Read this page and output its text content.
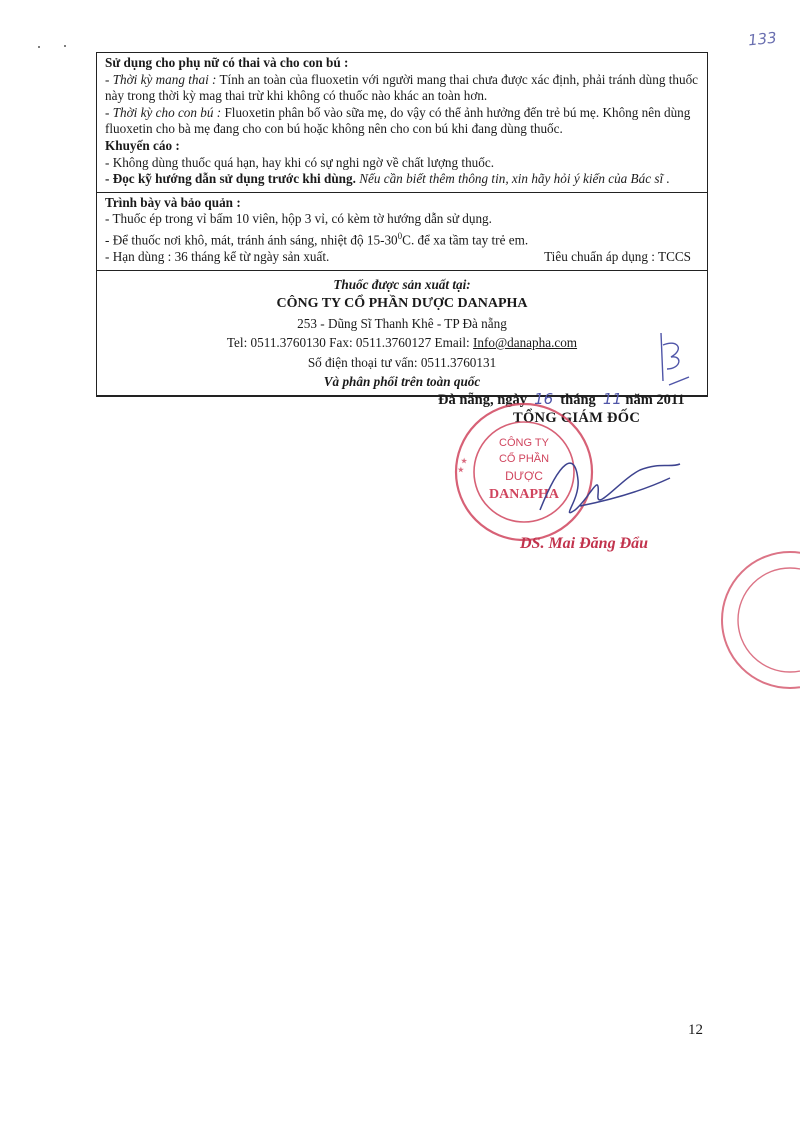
133

Sử dụng cho phụ nữ có thai và cho con bú :

- Thời kỳ mang thai : Tính an toàn của fluoxetin với người mang thai chưa được xác định, phải tránh dùng thuốc này trong thời kỳ mag thai trừ khi không có thuốc nào khác an toàn hơn.

- Thời kỳ cho con bú : Fluoxetin phân bố vào sữa mẹ, do vậy có thể ảnh hưởng đến trẻ bú mẹ. Không nên dùng fluoxetin cho bà mẹ đang cho con bú hoặc không nên cho con bú khi đang dùng thuốc.

Khuyến cáo :

- Không dùng thuốc quá hạn, hay khi có sự nghi ngờ về chất lượng thuốc.

- Đọc kỹ hướng dẫn sử dụng trước khi dùng. Nếu cần biết thêm thông tin, xin hãy hỏi ý kiến của Bác sĩ .

Trình bày và bảo quản :

- Thuốc ép trong vỉ bấm 10 viên, hộp 3 vỉ, có kèm tờ hướng dẫn sử dụng.

- Để thuốc nơi khô, mát, tránh ánh sáng, nhiệt độ $15-30^0C$. để xa tầm tay trẻ em.

- Hạn dùng : 36 tháng kể từ ngày sản xuất.	Tiêu chuẩn áp dụng : TCCS

Thuốc được sản xuất tại:

CÔNG TY CỔ PHẦN DƯỢC DANAPHA

253 - Dũng Sĩ Thanh Khê - TP Đà nẵng

Tel: 0511.3760130 Fax: 0511.3760127 Email: Info@danapha.com

Số điện thoại tư vấn: 0511.3760131

Và phân phối trên toàn quốc

Đà nẵng, ngày 16 tháng 11 năm 2011
TỔNG GIÁM ĐỐC
CÔNG TY
CỔ PHẦN
DƯỢC
DANAPHA
★ ★
DS. Mai Đăng Đẩu
12
